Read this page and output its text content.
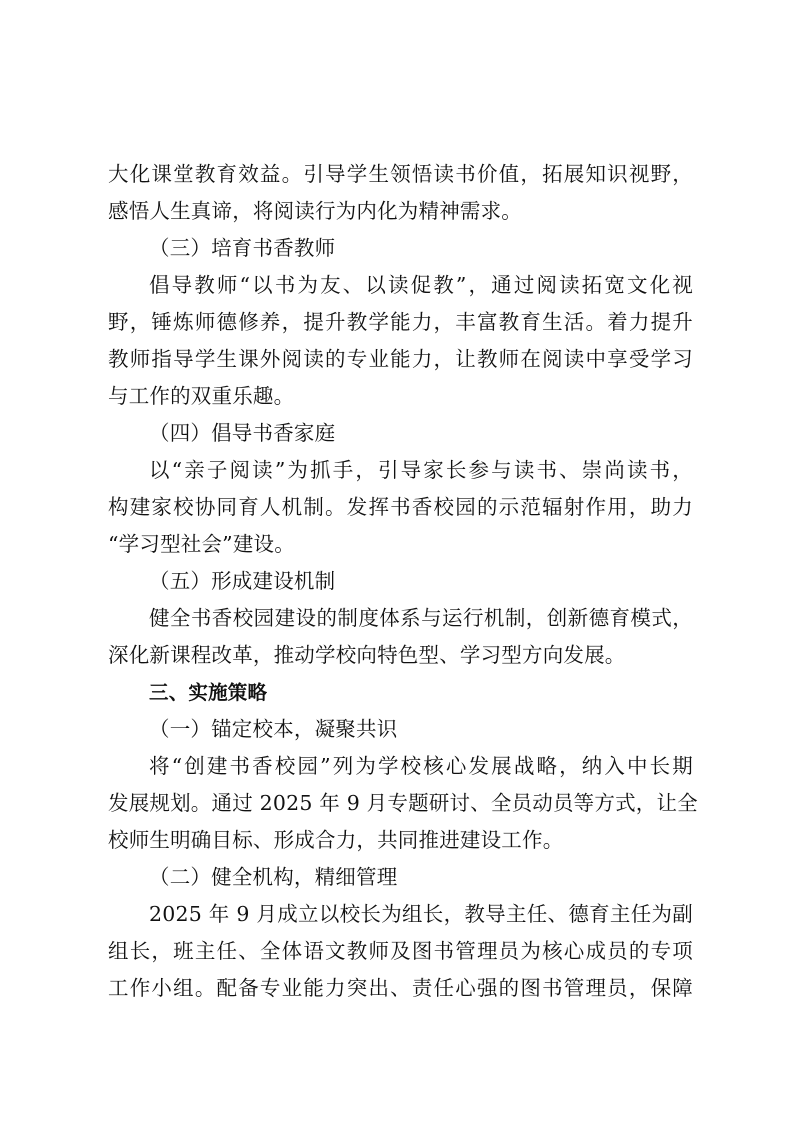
大化课堂教育效益。引导学生领悟读书价值，拓展知识视野，
感悟人生真谛，将阅读行为内化为精神需求。
（三）培育书香教师
倡导教师“以书为友、以读促教”，通过阅读拓宽文化视
野，锤炼师德修养，提升教学能力，丰富教育生活。着力提升
教师指导学生课外阅读的专业能力，让教师在阅读中享受学习
与工作的双重乐趣。
（四）倡导书香家庭
以“亲子阅读”为抓手，引导家长参与读书、崇尚读书，
构建家校协同育人机制。发挥书香校园的示范辐射作用，助力
“学习型社会”建设。
（五）形成建设机制
健全书香校园建设的制度体系与运行机制，创新德育模式，
深化新课程改革，推动学校向特色型、学习型方向发展。
三、实施策略
（一）锚定校本，凝聚共识
将“创建书香校园”列为学校核心发展战略，纳入中长期
发展规划。通过 2025 年 9 月专题研讨、全员动员等方式，让全
校师生明确目标、形成合力，共同推进建设工作。
（二）健全机构，精细管理
2025 年 9 月成立以校长为组长，教导主任、德育主任为副
组长，班主任、全体语文教师及图书管理员为核心成员的专项
工作小组。配备专业能力突出、责任心强的图书管理员，保障
